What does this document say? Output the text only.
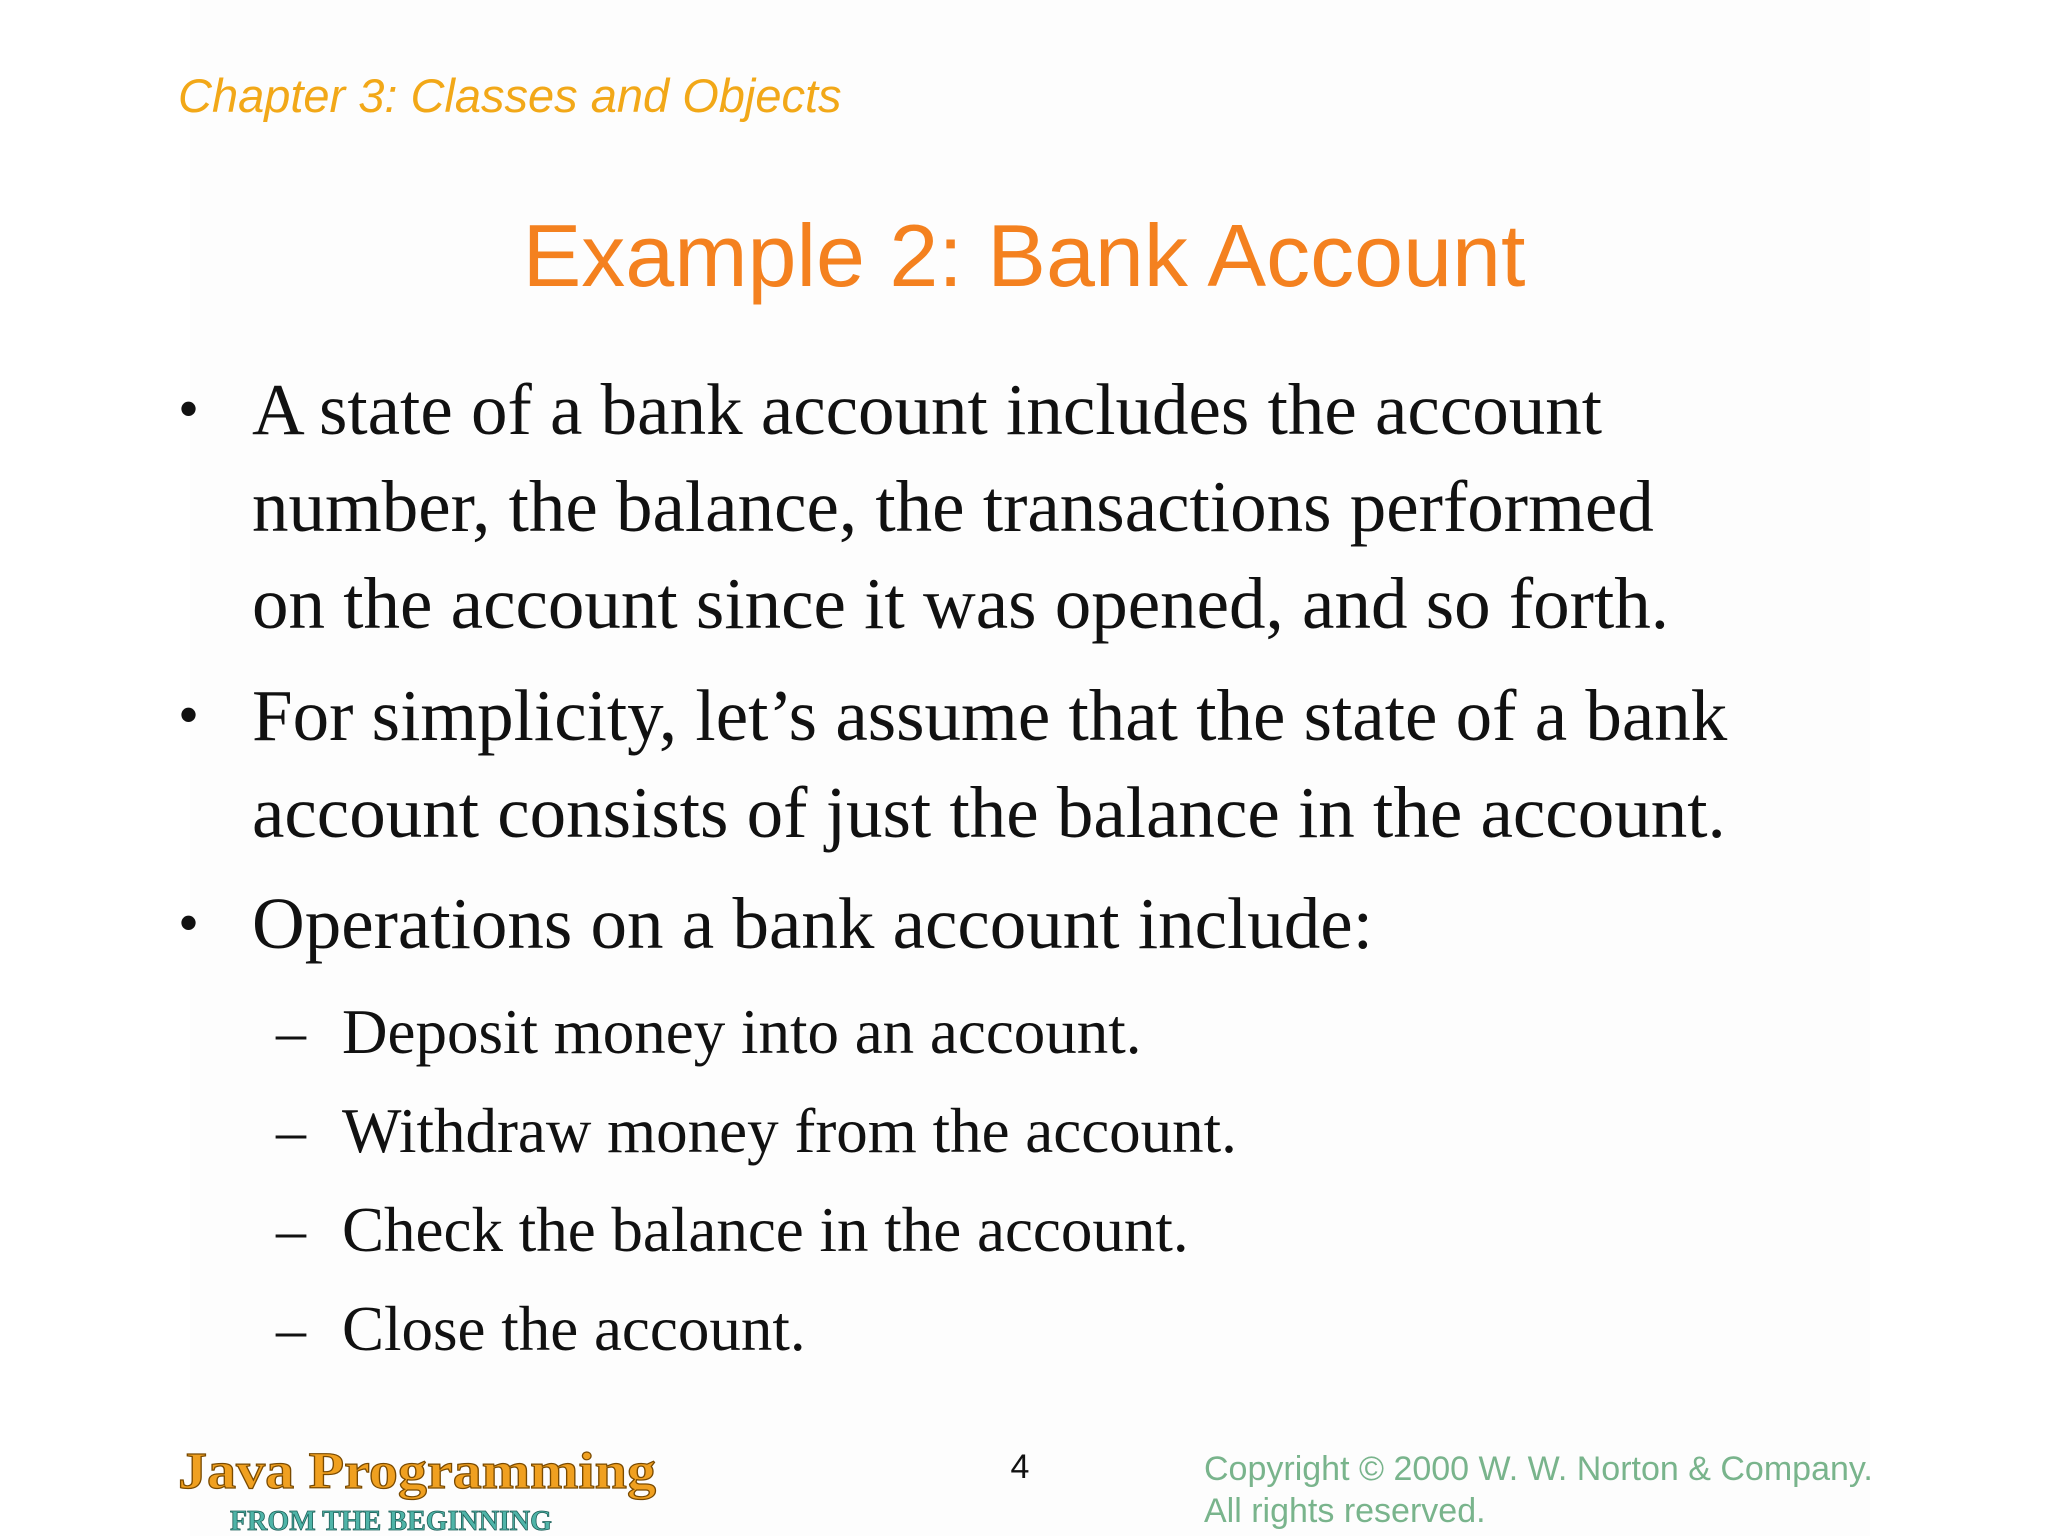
Chapter 3: Classes and Objects
Example 2: Bank Account
• A state of a bank account includes the account
number, the balance, the transactions performed
on the account since it was opened, and so forth.
• For simplicity, let’s assume that the state of a bank
account consists of just the balance in the account.
• Operations on a bank account include:
– Deposit money into an account.
– Withdraw money from the account.
– Check the balance in the account.
– Close the account.
Java Programming
FROM THE BEGINNING
4	Copyright © 2000 W. W. Norton & Company.
All rights reserved.
